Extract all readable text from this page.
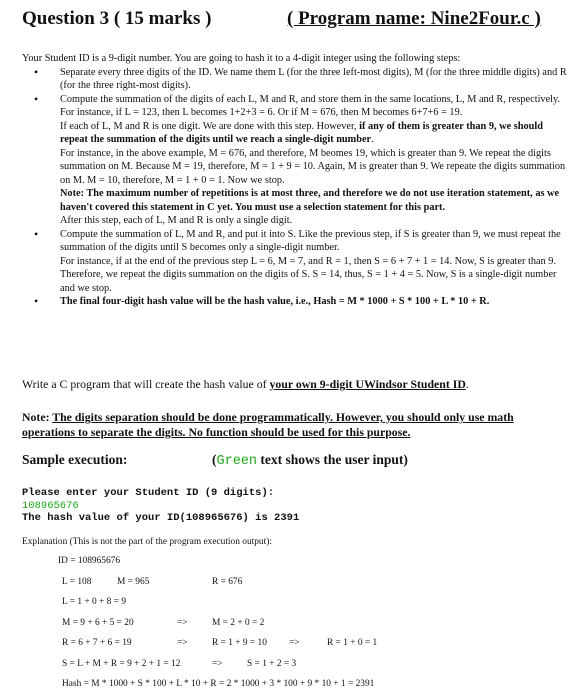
Question 3 ( 15 marks )	( Program name: Nine2Four.c )

Your Student ID is a 9-digit number. You are going to hash it to a 4-digit integer using the following steps:

• Separate every three digits of the ID. We name them L (for the three left-most digits), M (for the three middle digits) and R (for the three right-most digits).
• Compute the summation of the digits of each L, M and R, and store them in the same locations, L, M and R, respectively.
For instance, if L = 123, then L becomes 1+2+3 = 6. Or if M = 676, then M becomes 6+7+6 = 19.
If each of L, M and R is one digit. We are done with this step. However, if any of them is greater than 9, we should repeat the summation of the digits until we reach a single-digit number.
For instance, in the above example, M = 676, and therefore, M beomes 19, which is greater than 9. We repeat the digits summation on M. Because M = 19, therefore, M = 1 + 9 = 10. Again, M is greater than 9. We repeate the digits summation on M. M = 10, therefore, M = 1 + 0 = 1. Now we stop.
Note: The maximum number of repetitions is at most three, and therefore we do not use iteration statement, as we haven't covered this statement in C yet. You must use a selection statement for this part.
After this step, each of L, M and R is only a single digit.
• Compute the summation of L, M and R, and put it into S. Like the previous step, if S is greater than 9, we must repeat the summation of the digits until S becomes only a single-digit number.
For instance, if at the end of the previous step L = 6, M = 7, and R = 1, then S = 6 + 7 + 1 = 14. Now, S is greater than 9. Therefore, we repeat the digits summation on the digits of S. S = 14, thus, S = 1 + 4 = 5. Now, S is a single-digit number and we stop.
• The final four-digit hash value will be the hash value, i.e., Hash = M * 1000 + S * 100 + L * 10 + R.
Write a C program that will create the hash value of your own 9-digit UWindsor Student ID.
Note: The digits separation should be done programmatically. However, you should only use math operations to separate the digits. No function should be used for this purpose.
Sample execution:	(Green text shows the user input)
Please enter your Student ID (9 digits):
108965676
The hash value of your ID(108965676) is 2391
Explanation (This is not the part of the program execution output):
ID = 108965676
L = 108	M = 965	R = 676
L = 1 + 0 + 8 = 9
M = 9 + 6 + 5 = 20	=>	M = 2 + 0 = 2
R = 6 + 7 + 6 = 19	=>	R = 1 + 9 = 10 =>	R = 1 + 0 = 1
S = L + M + R = 9 + 2 + 1 = 12	=>	S = 1 + 2 = 3
Hash = M * 1000 + S * 100 + L * 10 + R = 2 * 1000 + 3 * 100 + 9 * 10 + 1 = 2391
